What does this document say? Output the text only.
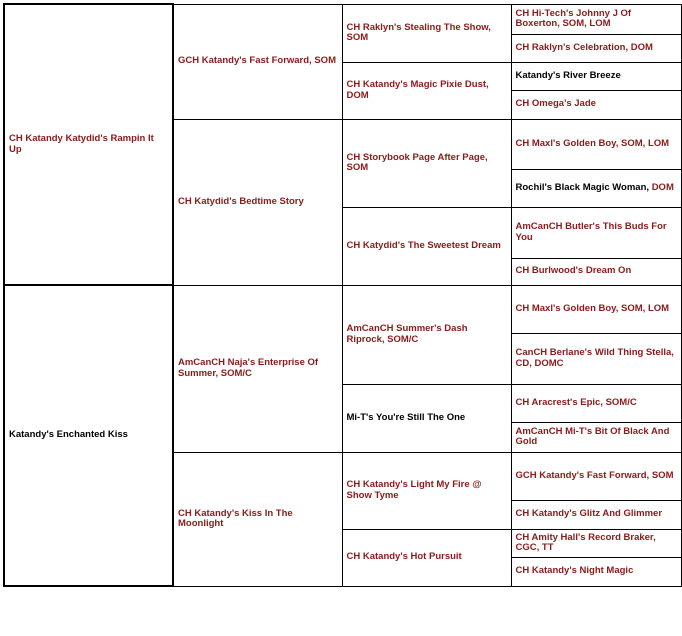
CH Katandy Katydid's Rampin It Up	GCH Katandy's Fast Forward, SOM	CH Raklyn's Stealing The Show, SOM	CH Hi-Tech's Johnny J Of Boxerton, SOM, LOM
			CH Raklyn's Celebration, DOM
		CH Katandy's Magic Pixie Dust, DOM	Katandy's River Breeze
			CH Omega's Jade
	CH Katydid's Bedtime Story	CH Storybook Page After Page, SOM	CH Maxl's Golden Boy, SOM, LOM
			Rochil's Black Magic Woman, DOM
		CH Katydid's The Sweetest Dream	AmCanCH Butler's This Buds For You
			CH Burlwood's Dream On
Katandy's Enchanted Kiss	AmCanCH Naja's Enterprise Of Summer, SOM/C	AmCanCH Summer's Dash Riprock, SOM/C	CH Maxl's Golden Boy, SOM, LOM
			CanCH Berlane's Wild Thing Stella, CD, DOMC
		Mi-T's You're Still The One	CH Aracrest's Epic, SOM/C
			AmCanCH Mi-T's Bit Of Black And Gold
	CH Katandy's Kiss In The Moonlight	CH Katandy's Light My Fire @ Show Tyme	GCH Katandy's Fast Forward, SOM
			CH Katandy's Glitz And Glimmer
		CH Katandy's Hot Pursuit	CH Amity Hall's Record Braker, CGC, TT
			CH Katandy's Night Magic
